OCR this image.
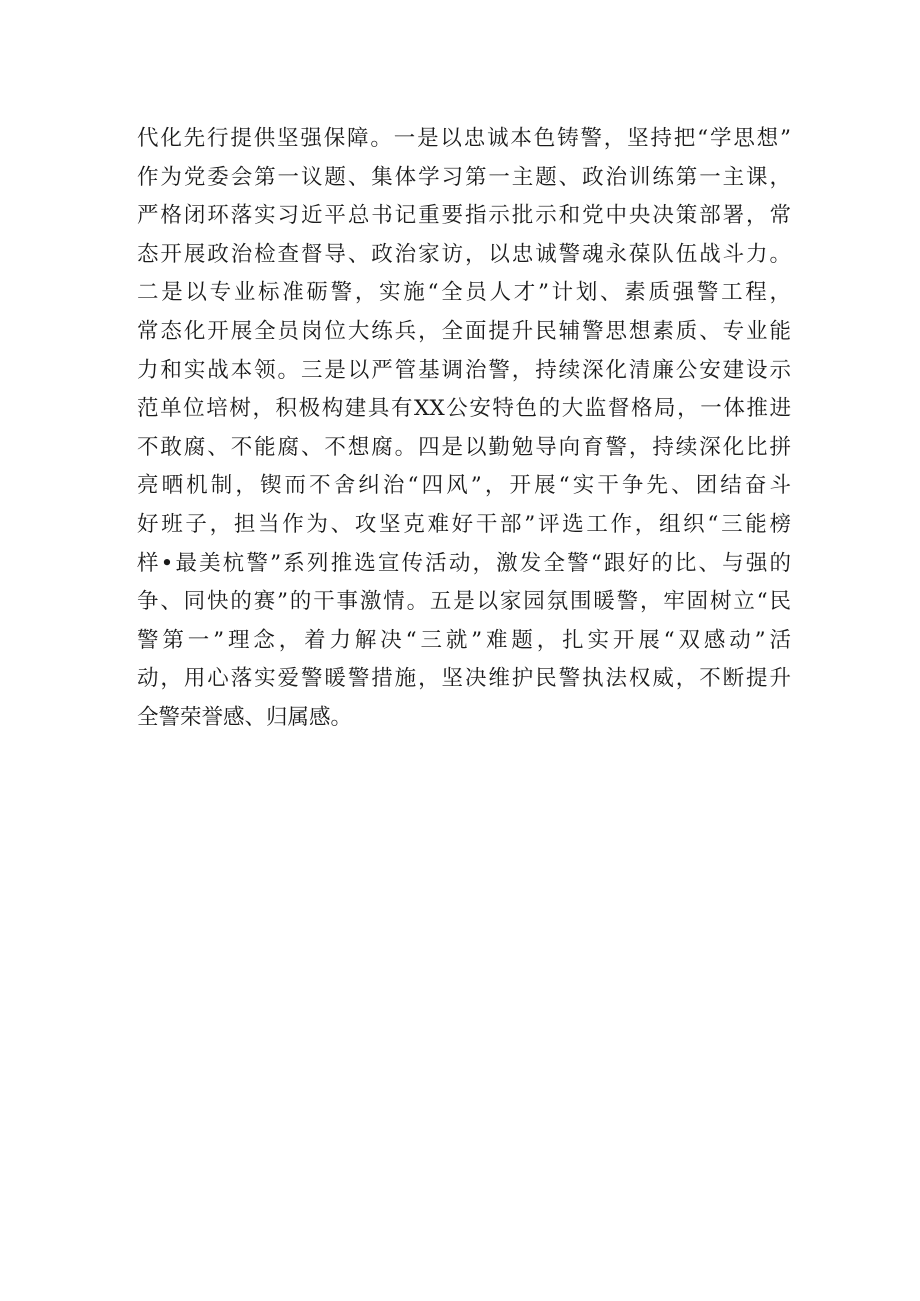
代化先行提供坚强保障。一是以忠诚本色铸警，坚持把“学思想”
作为党委会第一议题、集体学习第一主题、政治训练第一主课，
严格闭环落实习近平总书记重要指示批示和党中央决策部署，常
态开展政治检查督导、政治家访，以忠诚警魂永葆队伍战斗力。
二是以专业标准砺警，实施“全员人才”计划、素质强警工程，
常态化开展全员岗位大练兵，全面提升民辅警思想素质、专业能
力和实战本领。三是以严管基调治警，持续深化清廉公安建设示
范单位培树，积极构建具有XX公安特色的大监督格局，一体推进
不敢腐、不能腐、不想腐。四是以勤勉导向育警，持续深化比拼
亮晒机制，锲而不舍纠治“四风”，开展“实干争先、团结奋斗
好班子，担当作为、攻坚克难好干部”评选工作，组织“三能榜
样•最美杭警”系列推选宣传活动，激发全警“跟好的比、与强的
争、同快的赛”的干事激情。五是以家园氛围暖警，牢固树立“民
警第一”理念，着力解决“三就”难题，扎实开展“双感动”活
动，用心落实爱警暖警措施，坚决维护民警执法权威，不断提升
全警荣誉感、归属感。
